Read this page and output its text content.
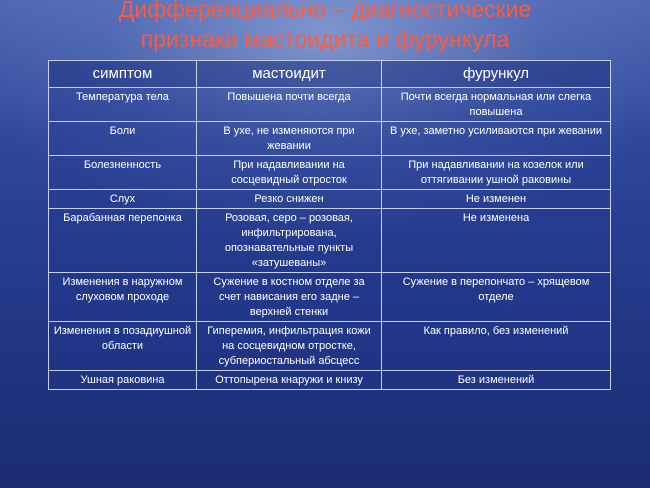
Дифференциально – диагностические
признаки мастоидита и фурункула
симптом	мастоидит	фурункул
Температура тела	Повышена почти всегда	Почти всегда нормальная или слегка повышена
Боли	В ухе, не изменяются при жевании	В ухе, заметно усиливаются при жевании
Болезненность	При надавливании на сосцевидный отросток	При надавливании на козелок или оттягивании ушной раковины
Слух	Резко снижен	Не изменен
Барабанная перепонка	Розовая, серо – розовая, инфильтрирована, опознавательные пункты «затушеваны»	Не изменена
Изменения в наружном слуховом проходе	Сужение в костном отделе за счет нависания его задне – верхней стенки	Сужение в перепончато – хрящевом отделе
Изменения в позадиушной области	Гиперемия, инфильтрация кожи на сосцевидном отростке, субпериостальный абсцесс	Как правило, без изменений
Ушная раковина	Оттопырена кнаружи и книзу	Без изменений
